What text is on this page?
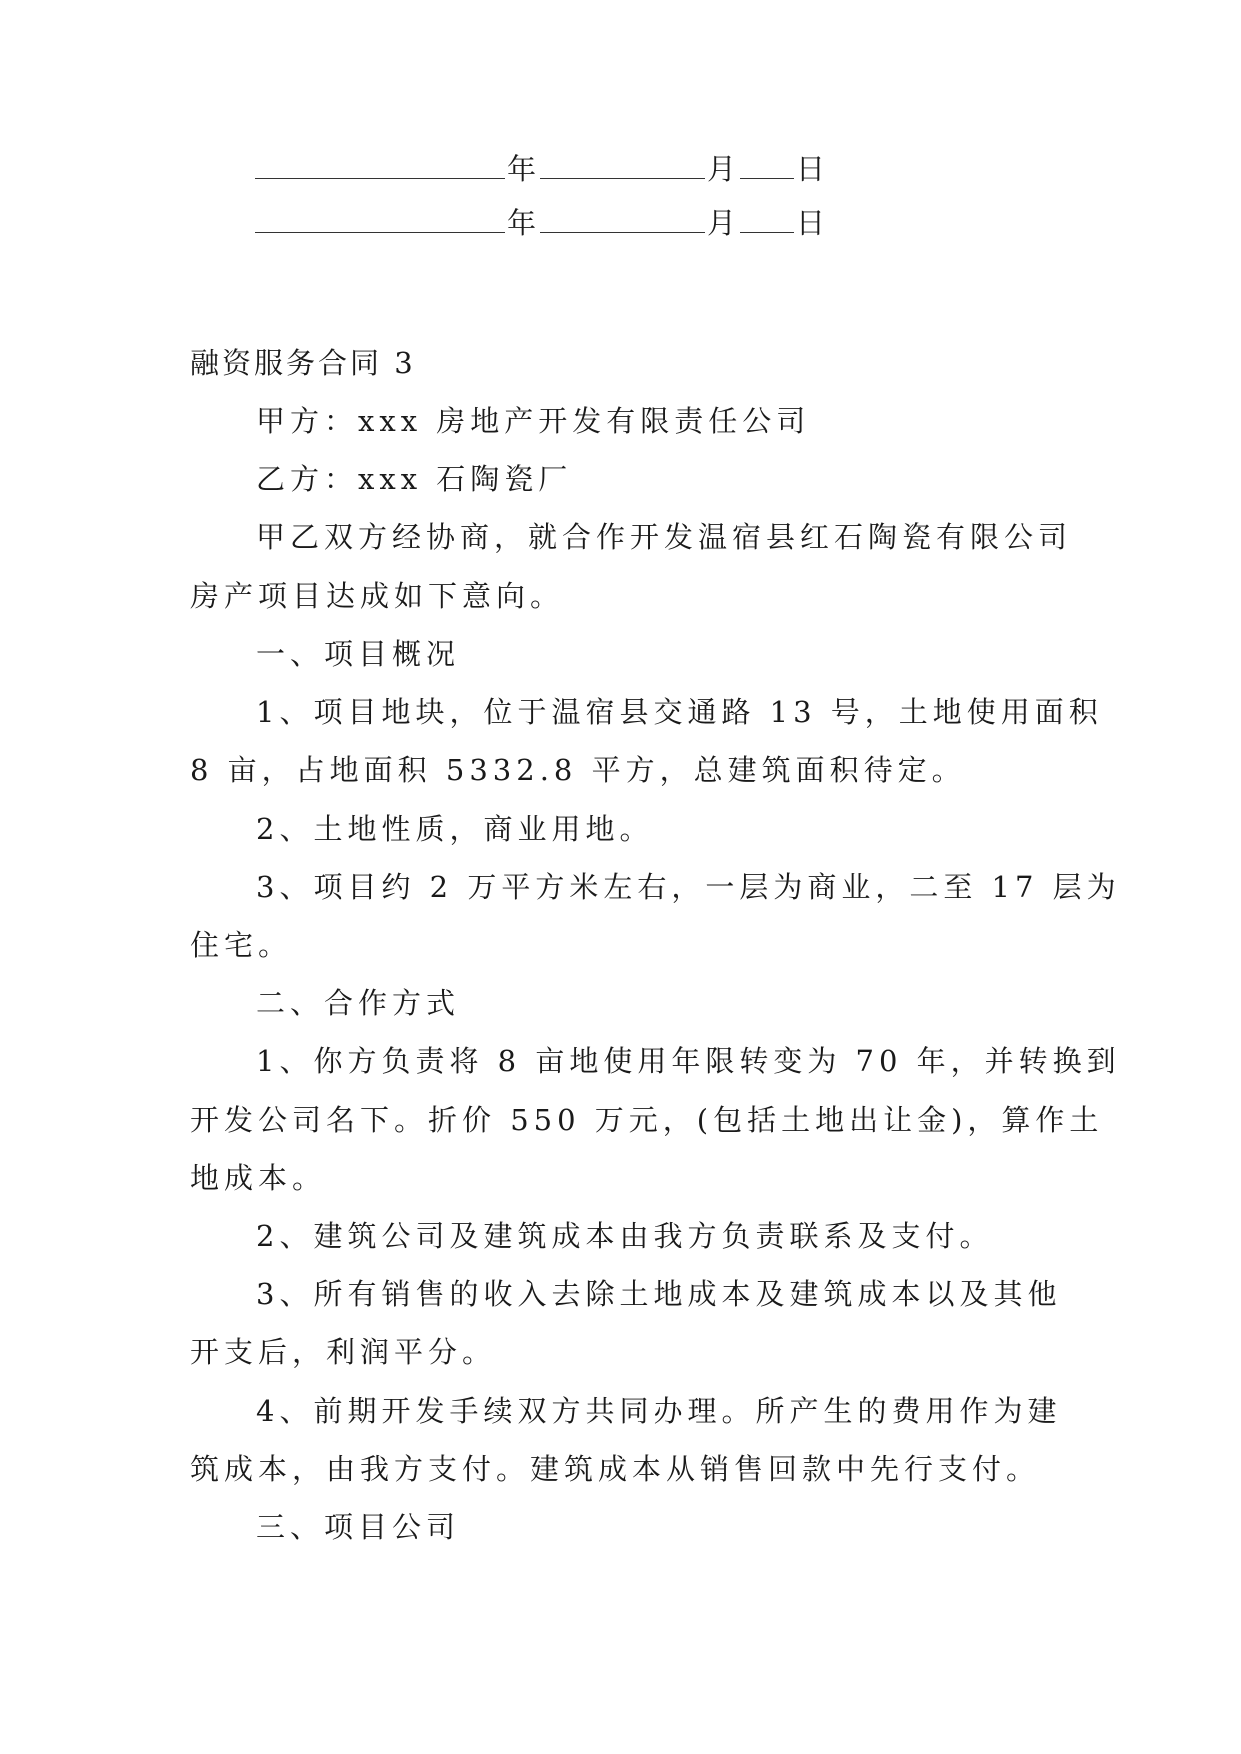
年	月 日
年	月 日
融资服务合同 3
甲方：xxx 房地产开发有限责任公司
乙方：xxx 石陶瓷厂
甲乙双方经协商，就合作开发温宿县红石陶瓷有限公司
房产项目达成如下意向。
一、项目概况
1、项目地块，位于温宿县交通路 13 号，土地使用面积
8 亩，占地面积 5332.8 平方，总建筑面积待定。
2、土地性质，商业用地。
3、项目约 2 万平方米左右，一层为商业，二至 17 层为
住宅。
二、合作方式
1、你方负责将 8 亩地使用年限转变为 70 年，并转换到
开发公司名下。折价 550 万元，(包括土地出让金)，算作土
地成本。
2、建筑公司及建筑成本由我方负责联系及支付。
3、所有销售的收入去除土地成本及建筑成本以及其他
开支后，利润平分。
4、前期开发手续双方共同办理。所产生的费用作为建
筑成本，由我方支付。建筑成本从销售回款中先行支付。
三、项目公司
